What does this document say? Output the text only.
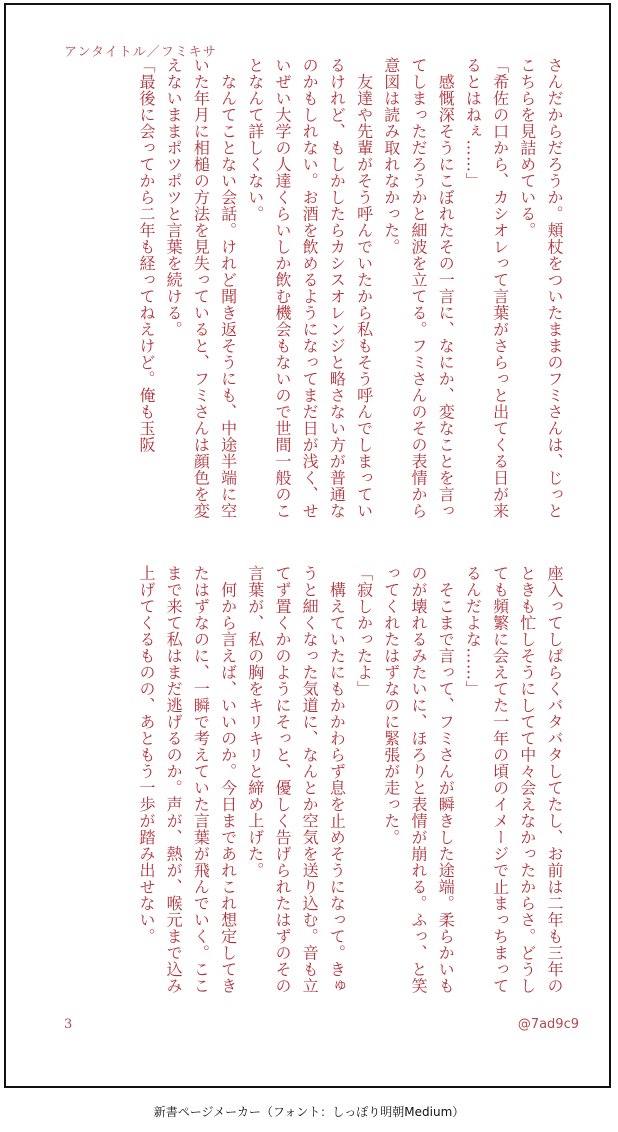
アンタイトル／フミキサ

さんだからだろうか。頬杖をついたままのフミさんは、じっとこちらを見詰めている。

「希佐の口から、カシオレって言葉がさらっと出てくる日が来るとはねぇ……」

　感慨深そうにこぼれたその一言に、なにか、変なことを言ってしまっただろうかと細波を立てる。フミさんのその表情から意図は読み取れなかった。

　友達や先輩がそう呼んでいたから私もそう呼んでしまっているけれど、もしかしたらカシスオレンジと略さない方が普通なのかもしれない。お酒を飲めるようになってまだ日が浅く、せいぜい大学の人達くらいしか飲む機会もないので世間一般のことなんて詳しくない。

　なんてことない会話。けれど聞き返そうにも、中途半端に空いた年月に相槌の方法を見失っていると、フミさんは顔色を変えないままポツポツと言葉を続ける。

「最後に会ってから二年も経ってねえけど。俺も玉阪

座入ってしばらくバタバタしてたし、お前は二年も三年のときも忙しそうにしてて中々会えなかったからさ。どうしても頻繁に会えてた一年の頃のイメージで止まっちまってるんだよな……」

　そこまで言って、フミさんが瞬きした途端。柔らかいものが壊れるみたいに、ほろりと表情が崩れる。ふっ、と笑ってくれたはずなのに緊張が走った。

「寂しかったよ」

　構えていたにもかかわらず息を止めそうになって。きゅうと細くなった気道に、なんとか空気を送り込む。音も立てず置くかのようにそっと、優しく告げられたはずのその言葉が、私の胸をキリキリと締め上げた。

　何から言えば、いいのか。今日まであれこれ想定してきたはずなのに、一瞬で考えていた言葉が飛んでいく。ここまで来て私はまだ逃げるのか。声が、熱が、喉元まで込み上げてくるものの、あともう一歩が踏み出せない。

3	@7ad9c9
新書ページメーカー（フォント：しっぽり明朝Medium）
